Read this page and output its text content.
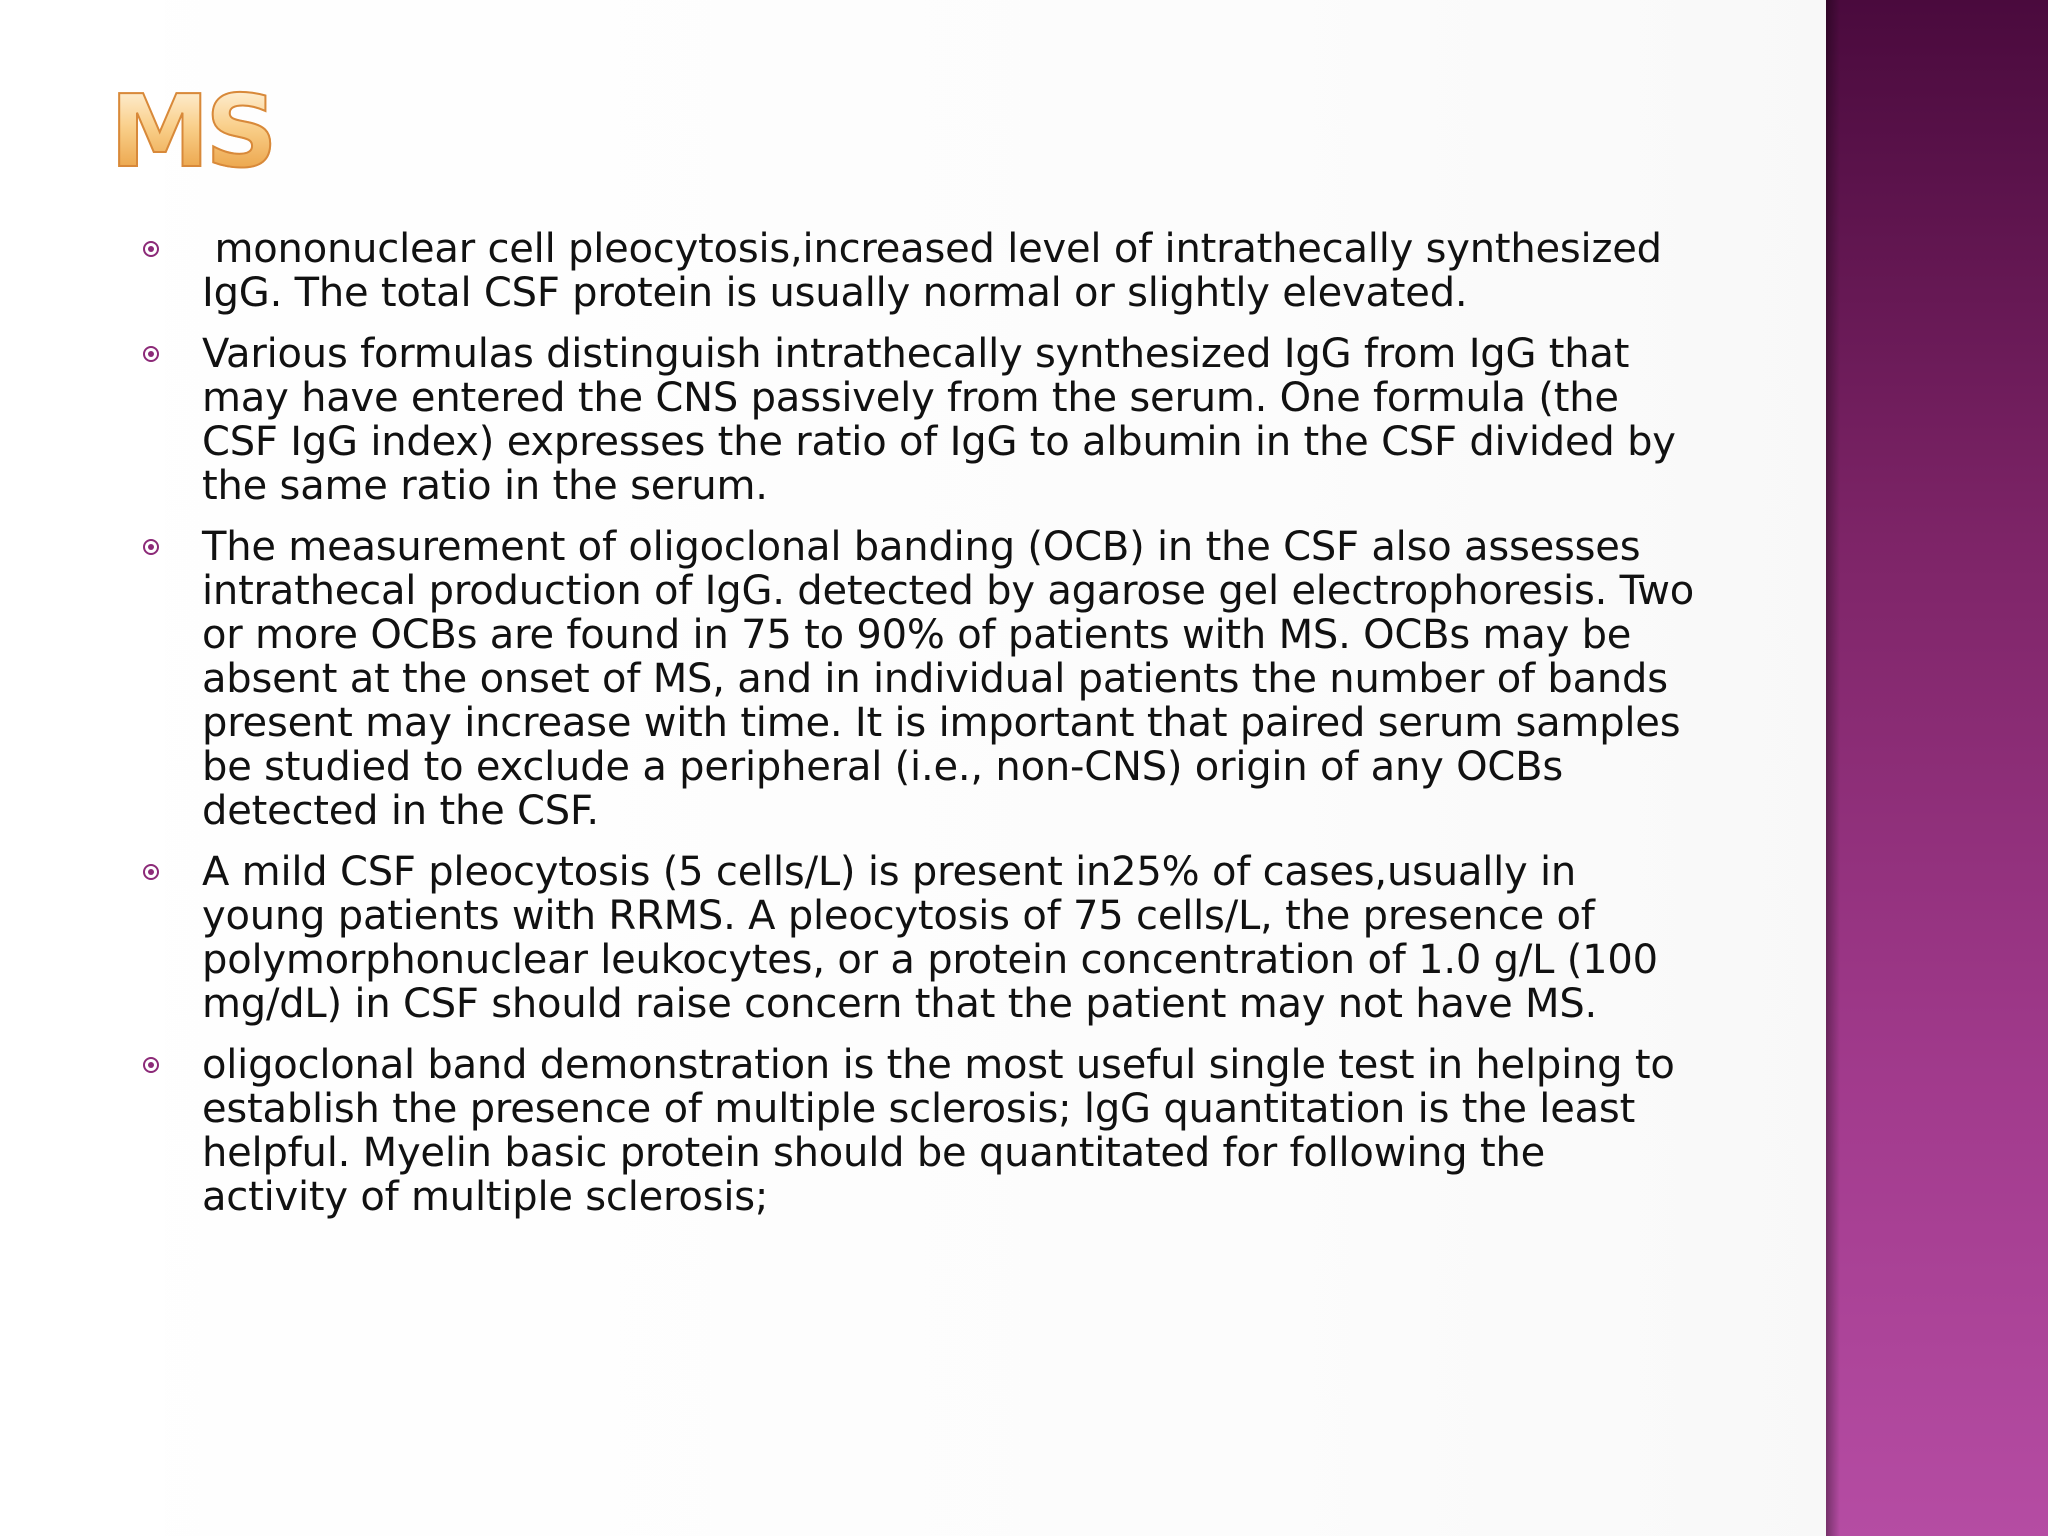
MS
mononuclear cell pleocytosis,increased level of intrathecally synthesized IgG. The total CSF protein is usually normal or slightly elevated.
Various formulas distinguish intrathecally synthesized IgG from IgG that may have entered the CNS passively from the serum. One formula (the CSF IgG index) expresses the ratio of IgG to albumin in the CSF divided by the same ratio in the serum.
The measurement of oligoclonal banding (OCB) in the CSF also assesses intrathecal production of IgG. detected by agarose gel electrophoresis. Two or more OCBs are found in 75 to 90% of patients with MS. OCBs may be absent at the onset of MS, and in individual patients the number of bands present may increase with time. It is important that paired serum samples be studied to exclude a peripheral (i.e., non-CNS) origin of any OCBs detected in the CSF.
A mild CSF pleocytosis (5 cells/L) is present in25% of cases,usually in young patients with RRMS. A pleocytosis of 75 cells/L, the presence of polymorphonuclear leukocytes, or a protein concentration of 1.0 g/L (100 mg/dL) in CSF should raise concern that the patient may not have MS.
oligoclonal band demonstration is the most useful single test in helping to establish the presence of multiple sclerosis; lgG quantitation is the least helpful. Myelin basic protein should be quantitated for following the activity of multiple sclerosis;
